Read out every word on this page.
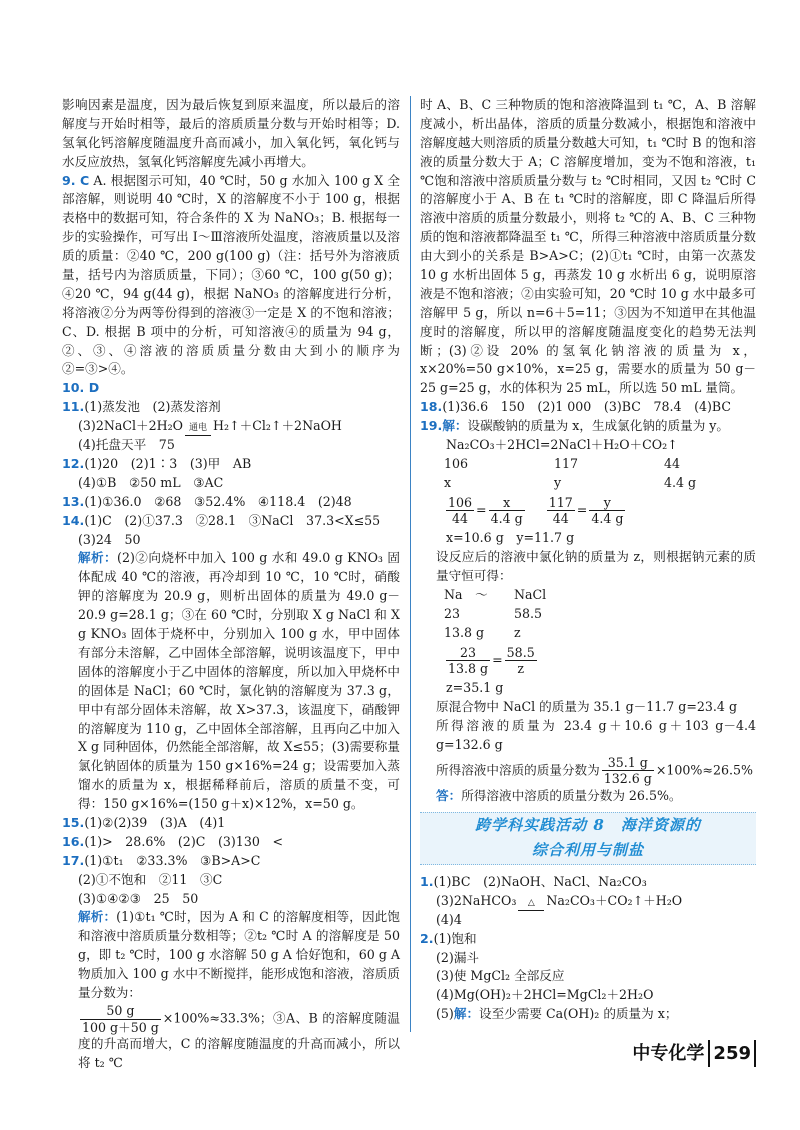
影响因素是温度，因为最后恢复到原来温度，所以最后的溶解度与开始时相等，最后的溶质质量分数与开始时相等；D. 氢氧化钙溶解度随温度升高而减小，加入氧化钙，氧化钙与水反应放热，氢氧化钙溶解度先减小再增大。

9. C A. 根据图示可知，40 ℃时，50 g 水加入 100 g X 全部溶解，则说明 40 ℃时，X 的溶解度不小于 100 g，根据表格中的数据可知，符合条件的 X 为 NaNO₃；B. 根据每一步的实验操作，可写出 Ⅰ～Ⅲ溶液所处温度，溶液质量以及溶质的质量：②40 ℃，200 g(100 g)（注：括号外为溶液质量，括号内为溶质质量，下同）；③60 ℃，100 g(50 g)；④20 ℃，94 g(44 g)，根据 NaNO₃ 的溶解度进行分析，将溶液②分为两等份得到的溶液③一定是 X 的不饱和溶液；C、D. 根据 B 项中的分析，可知溶液④的质量为 94 g，②、③、④溶液的溶质质量分数由大到小的顺序为②=③>④。

10. D

11.(1)蒸发池　(2)蒸发溶剂

(3)2NaCl＋2H₂O 通电 H₂↑＋Cl₂↑＋2NaOH

(4)托盘天平　75

12.(1)20　(2)1∶3　(3)甲　AB

(4)①B　②50 mL　③AC

13.(1)①36.0　②68　③52.4%　④118.4　(2)48

14.(1)C　(2)①37.3　②28.1　③NaCl　37.3<X≤55

(3)24　50

解析：(2)②向烧杯中加入 100 g 水和 49.0 g KNO₃ 固体配成 40 ℃的溶液，再冷却到 10 ℃，10 ℃时，硝酸钾的溶解度为 20.9 g，则析出固体的质量为 49.0 g－20.9 g=28.1 g；③在 60 ℃时，分别取 X g NaCl 和 X g KNO₃ 固体于烧杯中，分别加入 100 g 水，甲中固体有部分未溶解，乙中固体全部溶解，说明该温度下，甲中固体的溶解度小于乙中固体的溶解度，所以加入甲烧杯中的固体是 NaCl；60 ℃时，氯化钠的溶解度为 37.3 g，甲中有部分固体未溶解，故 X>37.3，该温度下，硝酸钾的溶解度为 110 g，乙中固体全部溶解，且再向乙中加入 X g 同种固体，仍然能全部溶解，故 X≤55；(3)需要称量氯化钠固体的质量为 150 g×16%=24 g；设需要加入蒸馏水的质量为 x，根据稀释前后，溶质的质量不变，可得：150 g×16%=(150 g＋x)×12%，x=50 g。

15.(1)②(2)39　(3)A　(4)1

16.(1)>　28.6%　(2)C　(3)130　<

17.(1)①t₁　②33.3%　③B>A>C

(2)①不饱和　②11　③C

(3)①④②③　25　50

解析：(1)①t₁ ℃时，因为 A 和 C 的溶解度相等，因此饱和溶液中溶质质量分数相等；②t₂ ℃时 A 的溶解度是 50 g，即 t₂ ℃时，100 g 水溶解 50 g A 恰好饱和，60 g A 物质加入 100 g 水中不断搅拌，能形成饱和溶液，溶质质量分数为：

$\frac{50 g}{100 g+50 g} \times 100\%\approx 33.3\%$；③A、B 的溶解度随温度的升高而增大，C 的溶解度随温度的升高而减小，所以将 t₂ ℃

时 A、B、C 三种物质的饱和溶液降温到 t₁ ℃，A、B 溶解度减小，析出晶体，溶质的质量分数减小，根据饱和溶液中溶解度越大则溶质的质量分数越大可知，t₁ ℃时 B 的饱和溶液的质量分数大于 A；C 溶解度增加，变为不饱和溶液，t₁ ℃饱和溶液中溶质质量分数与 t₂ ℃时相同，又因 t₂ ℃时 C 的溶解度小于 A、B 在 t₁ ℃时的溶解度，即 C 降温后所得溶液中溶质的质量分数最小，则将 t₂ ℃的 A、B、C 三种物质的饱和溶液都降温至 t₁ ℃，所得三种溶液中溶质质量分数由大到小的关系是 B>A>C；(2)①t₁ ℃时，由第一次蒸发 10 g 水析出固体 5 g，再蒸发 10 g 水析出 6 g，说明原溶液是不饱和溶液；②由实验可知，20 ℃时 10 g 水中最多可溶解甲 5 g，所以 n=6＋5=11；③因为不知道甲在其他温度时的溶解度，所以甲的溶解度随温度变化的趋势无法判断；(3)②设 20% 的氢氧化钠溶液的质量为 x，x×20%=50 g×10%，x=25 g，需要水的质量为 50 g－25 g=25 g，水的体积为 25 mL，所以选 50 mL 量筒。

18.(1)36.6　150　(2)1 000　(3)BC　78.4　(4)BC

19.解：设碳酸钠的质量为 x，生成氯化钠的质量为 y。

Na₂CO₃＋2HCl=2NaCl＋H₂O＋CO₂↑

106	117	44
x	y	4.4 g
$\frac{106}{44} = \frac{x}{4.4 g} \frac{117}{44} = \frac{y}{4.4 g}$

x=10.6 g　y=11.7 g

设反应后的溶液中氯化钠的质量为 z，则根据钠元素的质量守恒可得：

Na　 ～	NaCl
23	58.5
13.8 g	z
$\frac{23}{13.8 g} = \frac{58.5}{z}$

z=35.1 g

原混合物中 NaCl 的质量为 35.1 g－11.7 g=23.4 g

所得溶液的质量为 23.4 g＋10.6 g＋103 g－4.4 g=132.6 g

所得溶液中溶质的质量分数为 $\frac{35.1 g}{132.6 g} \times 100\%\approx 26.5\%$

答：所得溶液中溶质的质量分数为 26.5%。

跨学科实践活动 8　海洋资源的
综合利用与制盐

1.(1)BC　(2)NaOH、NaCl、Na₂CO₃

(3)2NaHCO₃	△ Na₂CO₃＋CO₂↑＋H₂O

(4)4

2.(1)饱和

(2)漏斗

(3)使 MgCl₂ 全部反应

(4)Mg(OH)₂＋2HCl=MgCl₂＋2H₂O

(5)解：设至少需要 Ca(OH)₂ 的质量为 x；

中专化学 259
